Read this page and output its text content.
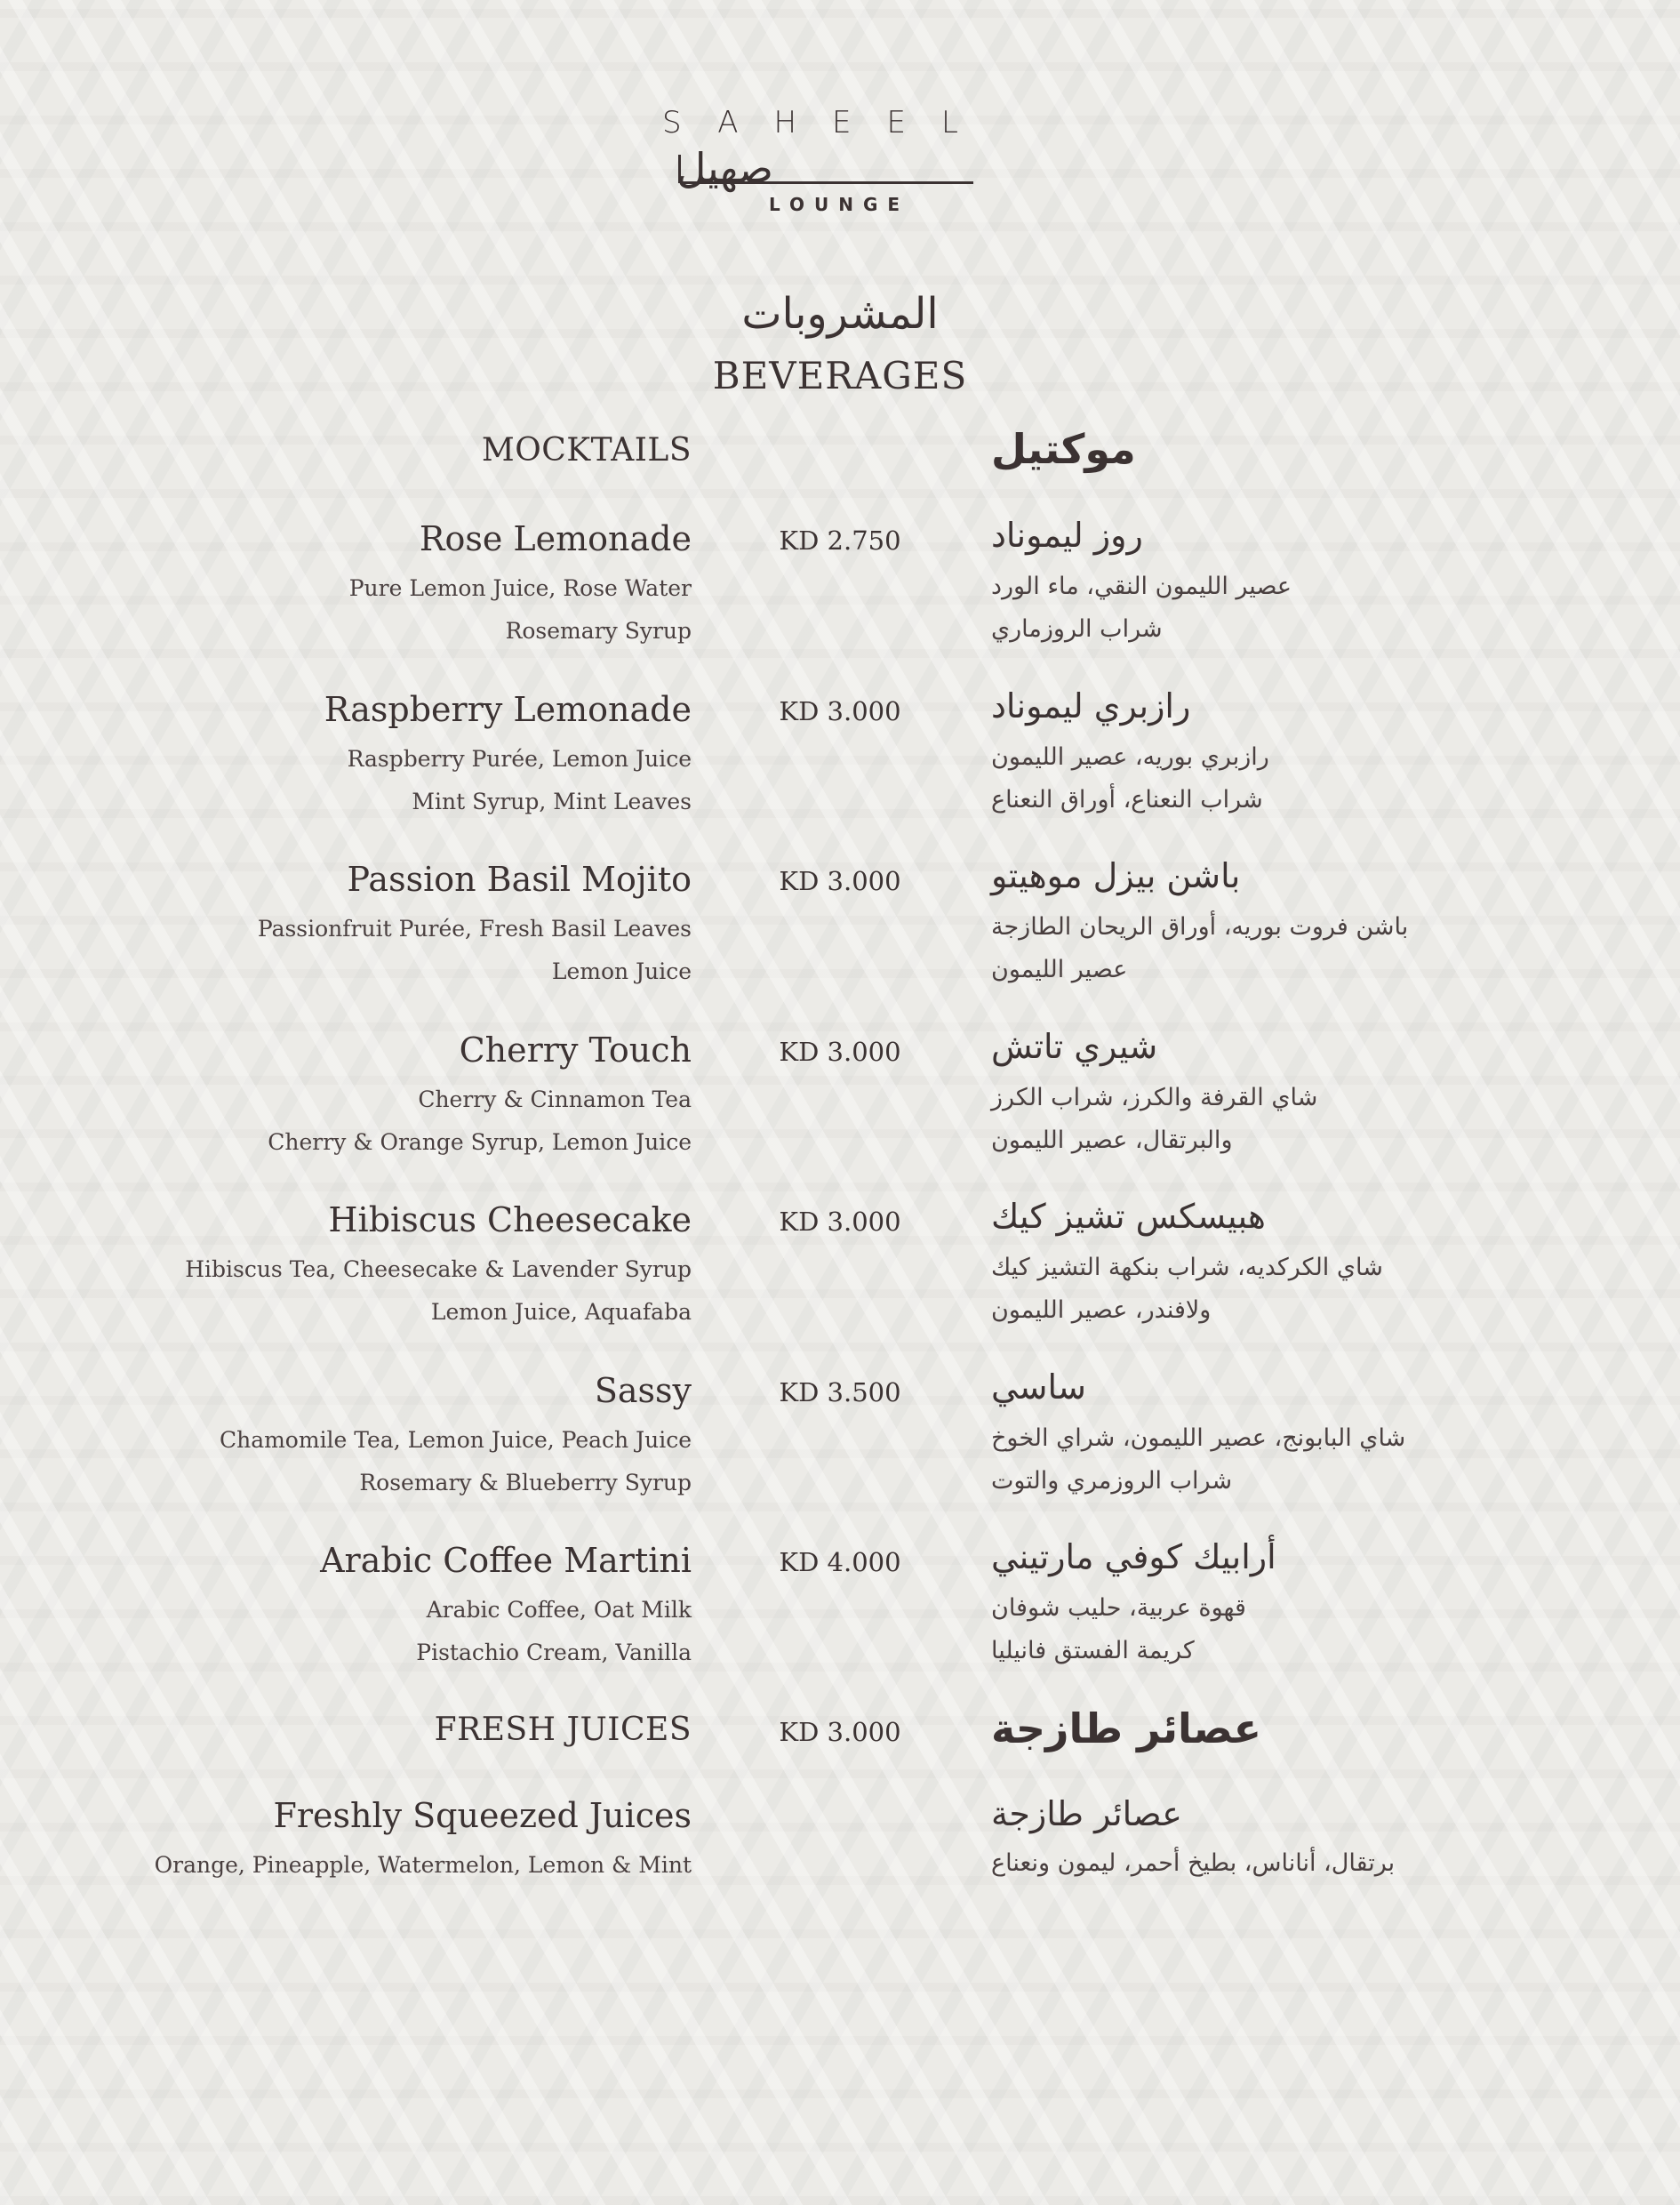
SAHEEL
صهيل
LOUNGE
المشروبات
BEVERAGES
MOCKTAILS	موكتيل
Rose Lemonade	KD 2.750	روز ليموناد
Pure Lemon Juice, Rose Water
Rosemary Syrup
عصير الليمون النقي، ماء الورد
شراب الروزماري
Raspberry Lemonade	KD 3.000	رازبري ليموناد
Raspberry Purée, Lemon Juice
Mint Syrup, Mint Leaves
رازبري بوريه، عصير الليمون
شراب النعناع، أوراق النعناع
Passion Basil Mojito	KD 3.000	باشن بيزل موهيتو
Passionfruit Purée, Fresh Basil Leaves
Lemon Juice
باشن فروت بوريه، أوراق الريحان الطازجة
عصير الليمون
Cherry Touch	KD 3.000	شيري تاتش
Cherry & Cinnamon Tea
Cherry & Orange Syrup, Lemon Juice
شاي القرفة والكرز، شراب الكرز
والبرتقال، عصير الليمون
Hibiscus Cheesecake	KD 3.000	هبيسكس تشيز كيك
Hibiscus Tea, Cheesecake & Lavender Syrup
Lemon Juice, Aquafaba
شاي الكركديه، شراب بنكهة التشيز كيك
ولافندر، عصير الليمون
Sassy	KD 3.500	ساسي
Chamomile Tea, Lemon Juice, Peach Juice
Rosemary & Blueberry Syrup
شاي البابونج، عصير الليمون، شراي الخوخ
شراب الروزمري والتوت
Arabic Coffee Martini	KD 4.000	أرابيك كوفي مارتيني
Arabic Coffee, Oat Milk
Pistachio Cream, Vanilla
قهوة عربية، حليب شوفان
كريمة الفستق فانيليا
FRESH JUICES	KD 3.000 عصائر طازجة
Freshly Squeezed Juices	عصائر طازجة
Orange, Pineapple, Watermelon, Lemon & Mint	برتقال، أناناس، بطيخ أحمر، ليمون ونعناع
